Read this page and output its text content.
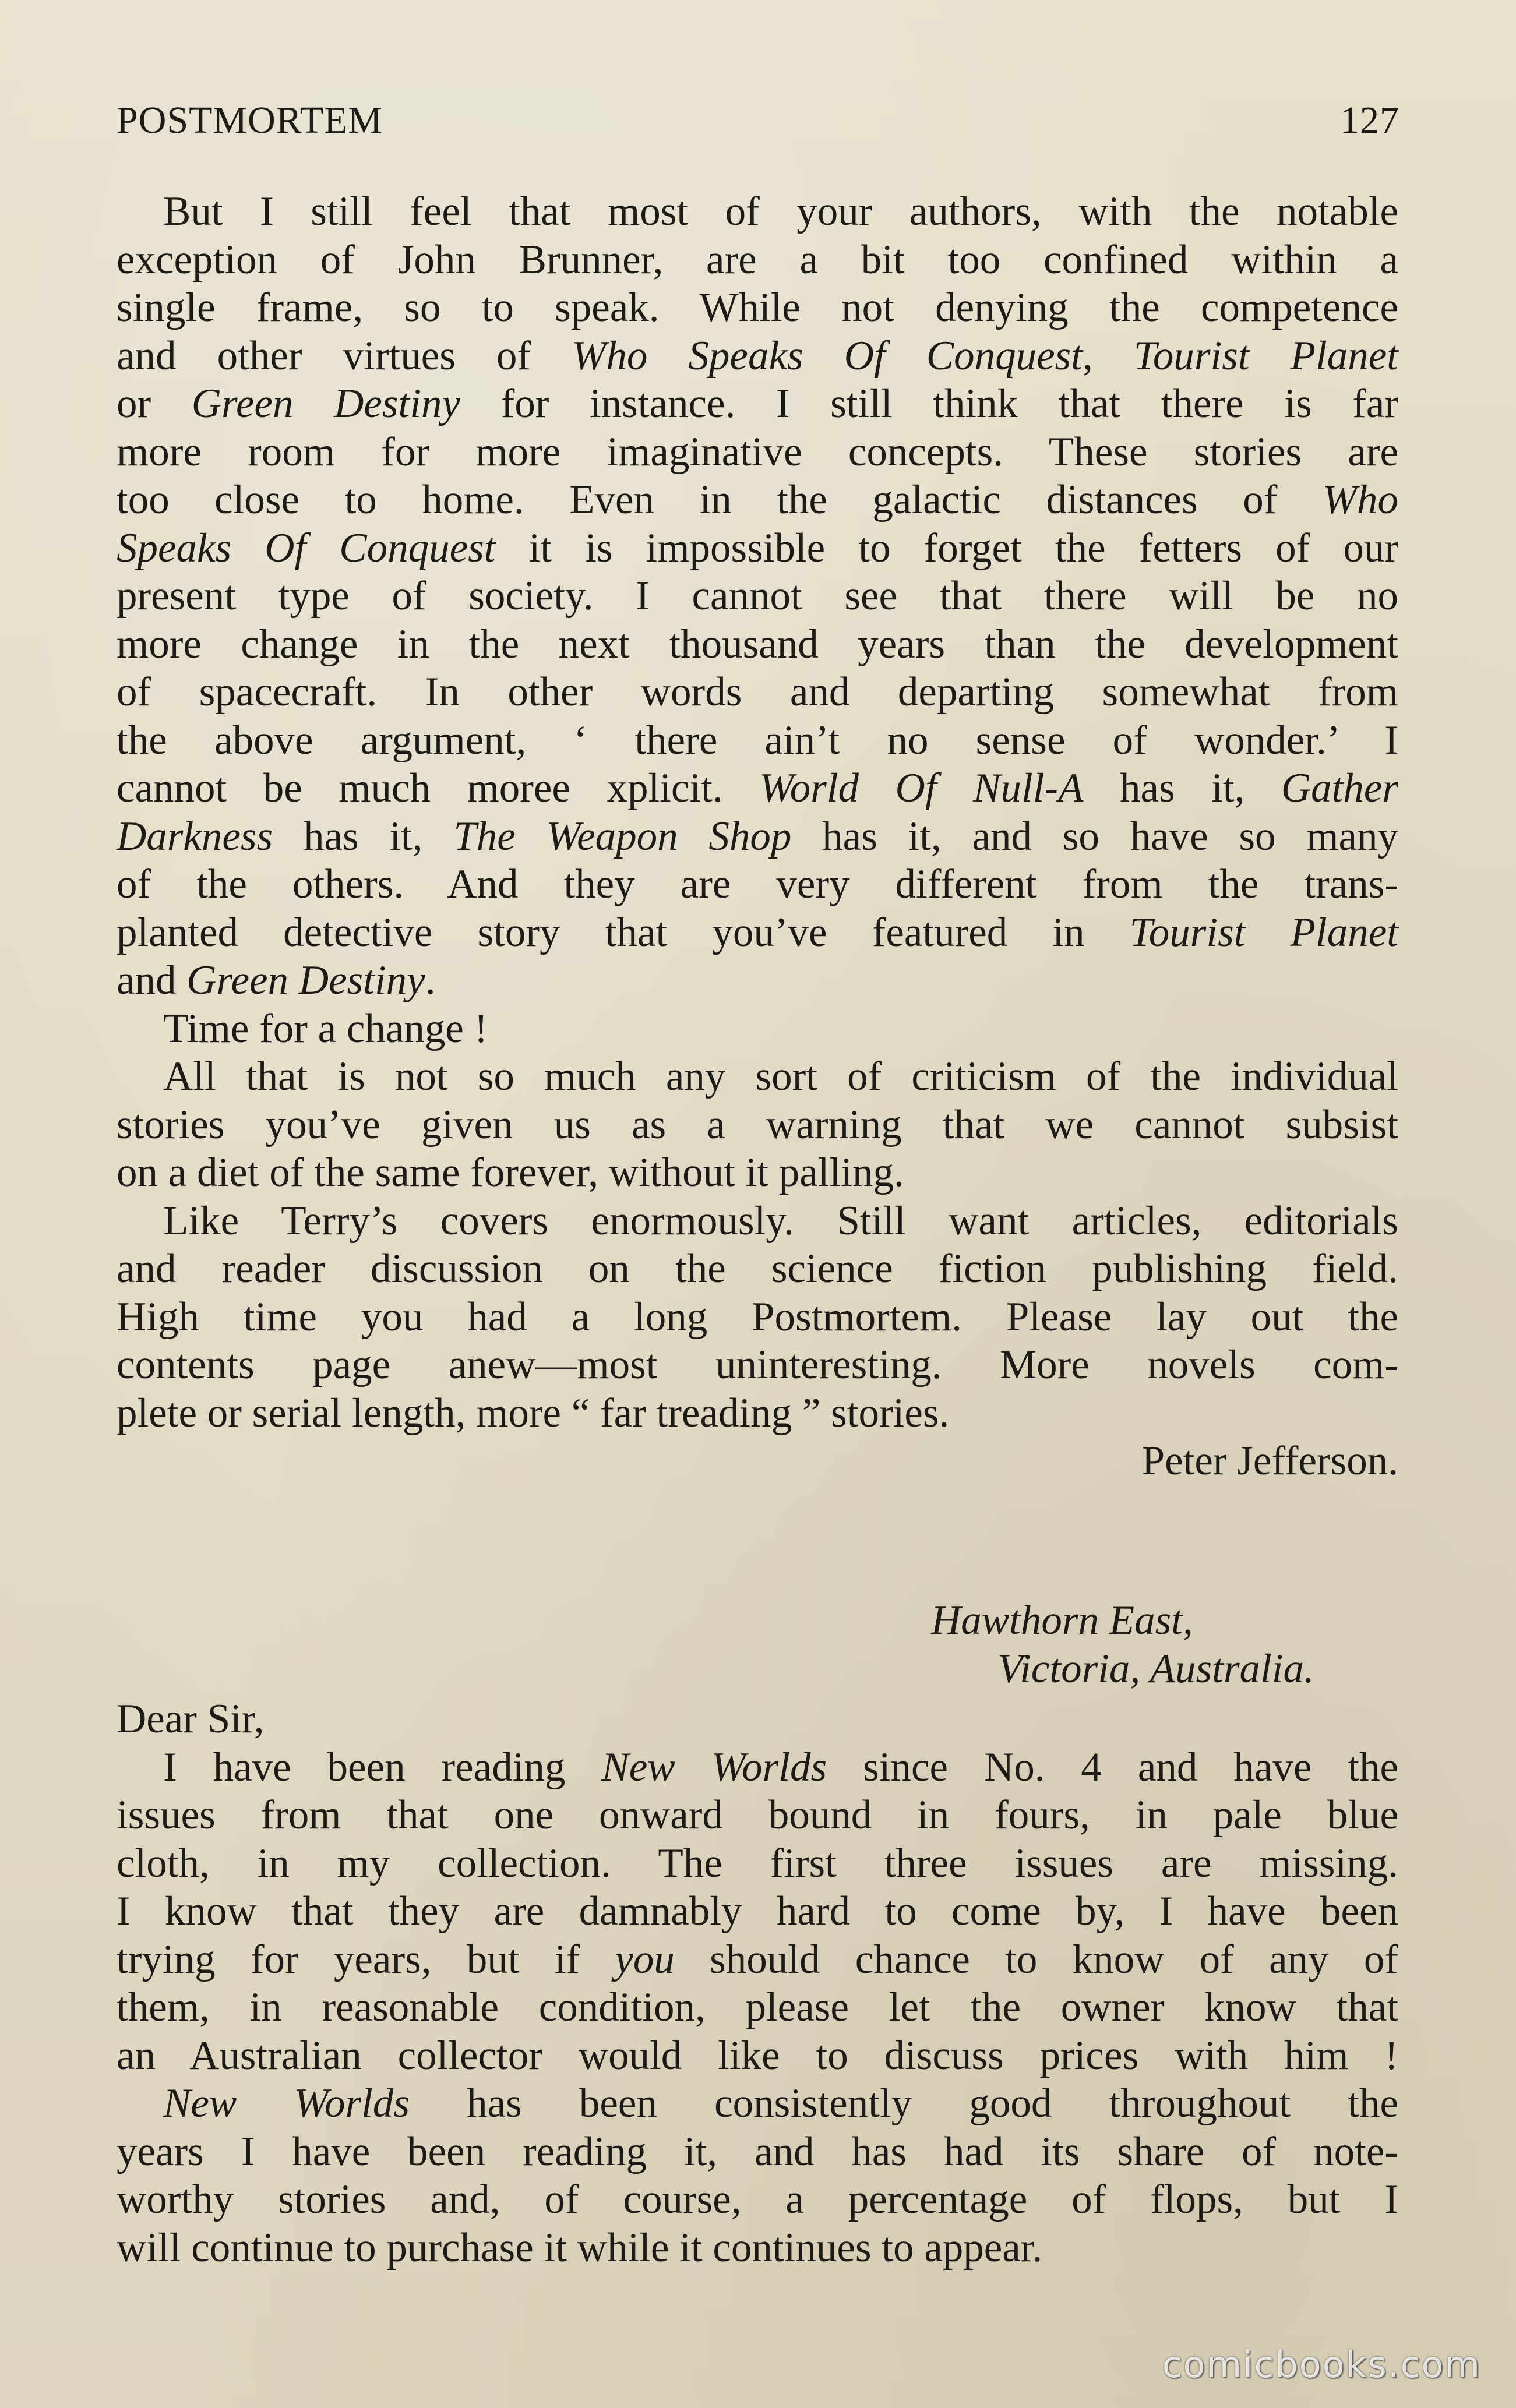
POSTMORTEM	127
But I still feel that most of your authors, with the notable
exception of John Brunner, are a bit too confined within a
single frame, so to speak. While not denying the competence
and other virtues of Who Speaks Of Conquest, Tourist Planet
or Green Destiny for instance. I still think that there is far
more room for more imaginative concepts. These stories are
too close to home. Even in the galactic distances of Who
Speaks Of Conquest it is impossible to forget the fetters of our
present type of society. I cannot see that there will be no
more change in the next thousand years than the development
of spacecraft. In other words and departing somewhat from
the above argument, ‘ there ain’t no sense of wonder.’ I
cannot be much moree xplicit. World Of Null-A has it, Gather
Darkness has it, The Weapon Shop has it, and so have so many
of the others. And they are very different from the trans-
planted detective story that you’ve featured in Tourist Planet
and Green Destiny.
Time for a change !
All that is not so much any sort of criticism of the individual
stories you’ve given us as a warning that we cannot subsist
on a diet of the same forever, without it palling.
Like Terry’s covers enormously. Still want articles, editorials
and reader discussion on the science fiction publishing field.
High time you had a long Postmortem. Please lay out the
contents page anew—most uninteresting. More novels com-
plete or serial length, more “ far treading ” stories.
Peter Jefferson.
Hawthorn East,
Victoria, Australia.
Dear Sir,
I have been reading New Worlds since No. 4 and have the
issues from that one onward bound in fours, in pale blue
cloth, in my collection. The first three issues are missing.
I know that they are damnably hard to come by, I have been
trying for years, but if you should chance to know of any of
them, in reasonable condition, please let the owner know that
an Australian collector would like to discuss prices with him !
New Worlds has been consistently good throughout the
years I have been reading it, and has had its share of note-
worthy stories and, of course, a percentage of flops, but I
will continue to purchase it while it continues to appear.
comicbooks.com
